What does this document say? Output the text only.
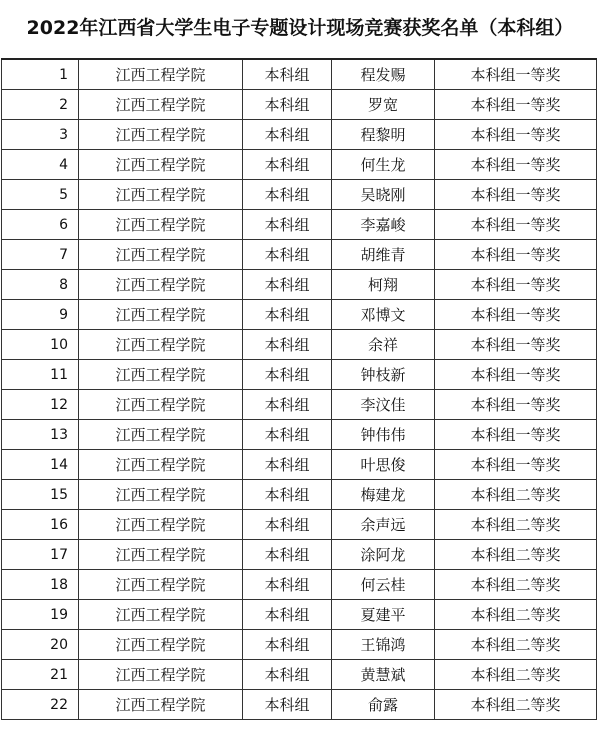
2022年江西省大学生电子专题设计现场竞赛获奖名单（本科组）
1	江西工程学院	本科组	程发赐	本科组一等奖
2	江西工程学院	本科组	罗宽	本科组一等奖
3	江西工程学院	本科组	程黎明	本科组一等奖
4	江西工程学院	本科组	何生龙	本科组一等奖
5	江西工程学院	本科组	吴晓刚	本科组一等奖
6	江西工程学院	本科组	李嘉峻	本科组一等奖
7	江西工程学院	本科组	胡维青	本科组一等奖
8	江西工程学院	本科组	柯翔	本科组一等奖
9	江西工程学院	本科组	邓博文	本科组一等奖
10	江西工程学院	本科组	余祥	本科组一等奖
11	江西工程学院	本科组	钟枝新	本科组一等奖
12	江西工程学院	本科组	李汶佳	本科组一等奖
13	江西工程学院	本科组	钟伟伟	本科组一等奖
14	江西工程学院	本科组	叶思俊	本科组一等奖
15	江西工程学院	本科组	梅建龙	本科组二等奖
16	江西工程学院	本科组	余声远	本科组二等奖
17	江西工程学院	本科组	涂阿龙	本科组二等奖
18	江西工程学院	本科组	何云桂	本科组二等奖
19	江西工程学院	本科组	夏建平	本科组二等奖
20	江西工程学院	本科组	王锦鸿	本科组二等奖
21	江西工程学院	本科组	黄慧斌	本科组二等奖
22	江西工程学院	本科组	俞露	本科组二等奖
